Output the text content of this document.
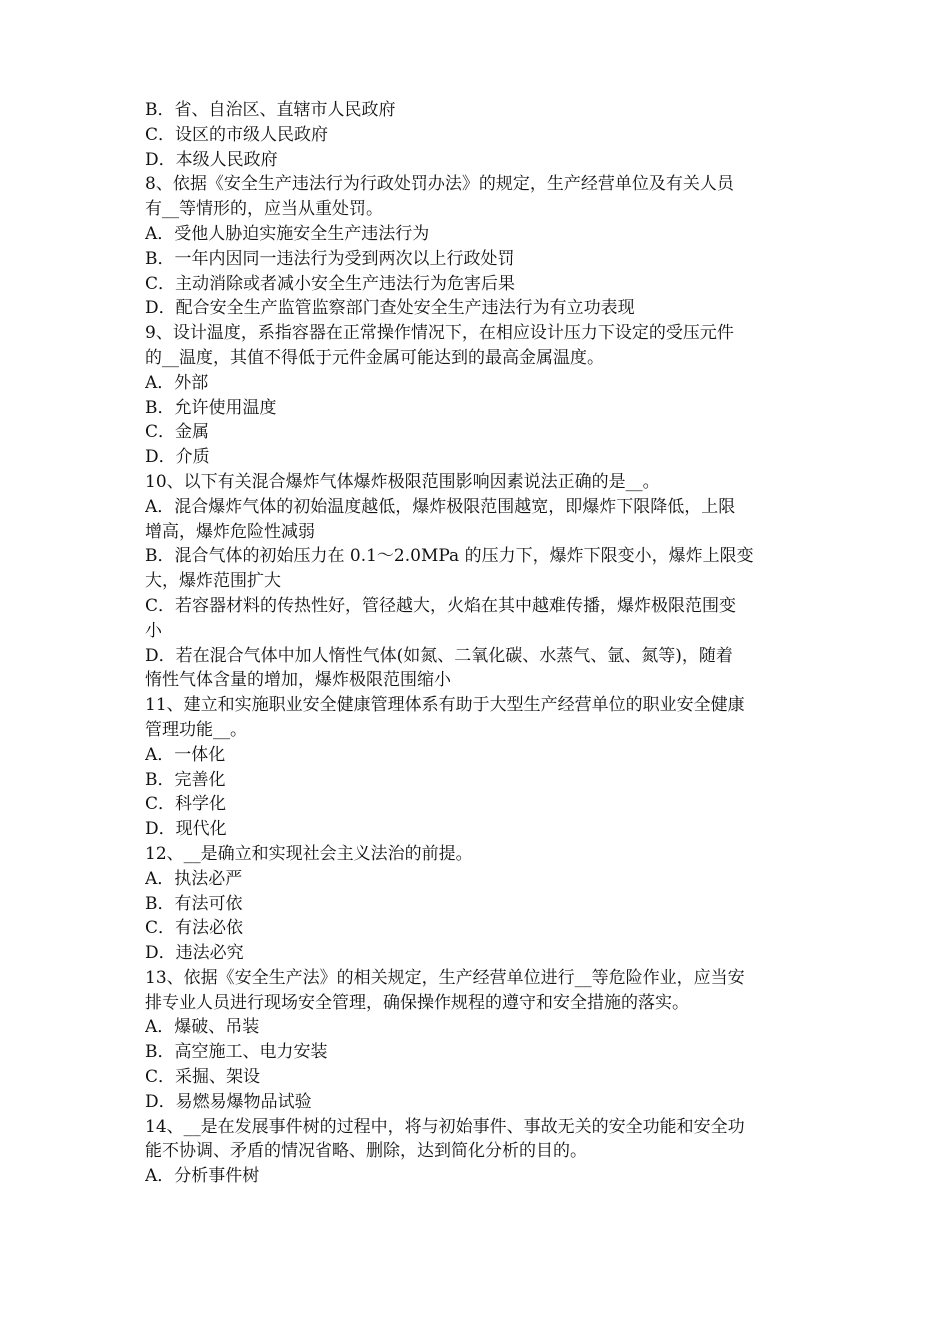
B．省、自治区、直辖市人民政府
C．设区的市级人民政府
D．本级人民政府
8、依据《安全生产违法行为行政处罚办法》的规定，生产经营单位及有关人员
有__等情形的，应当从重处罚。
A．受他人胁迫实施安全生产违法行为
B．一年内因同一违法行为受到两次以上行政处罚
C．主动消除或者减小安全生产违法行为危害后果
D．配合安全生产监管监察部门查处安全生产违法行为有立功表现
9、设计温度，系指容器在正常操作情况下，在相应设计压力下设定的受压元件
的__温度，其值不得低于元件金属可能达到的最高金属温度。
A．外部
B．允许使用温度
C．金属
D．介质
10、以下有关混合爆炸气体爆炸极限范围影响因素说法正确的是__。
A．混合爆炸气体的初始温度越低，爆炸极限范围越宽，即爆炸下限降低，上限
增高，爆炸危险性减弱
B．混合气体的初始压力在 0.1～2.0MPa 的压力下，爆炸下限变小，爆炸上限变
大，爆炸范围扩大
C．若容器材料的传热性好，管径越大，火焰在其中越难传播，爆炸极限范围变
小
D．若在混合气体中加人惰性气体(如氮、二氧化碳、水蒸气、氩、氮等)，随着
惰性气体含量的增加，爆炸极限范围缩小
11、建立和实施职业安全健康管理体系有助于大型生产经营单位的职业安全健康
管理功能__。
A．一体化
B．完善化
C．科学化
D．现代化
12、__是确立和实现社会主义法治的前提。
A．执法必严
B．有法可依
C．有法必依
D．违法必究
13、依据《安全生产法》的相关规定，生产经营单位进行__等危险作业，应当安
排专业人员进行现场安全管理，确保操作规程的遵守和安全措施的落实。
A．爆破、吊装
B．高空施工、电力安装
C．采掘、架设
D．易燃易爆物品试验
14、__是在发展事件树的过程中，将与初始事件、事故无关的安全功能和安全功
能不协调、矛盾的情况省略、删除，达到简化分析的目的。
A．分析事件树
